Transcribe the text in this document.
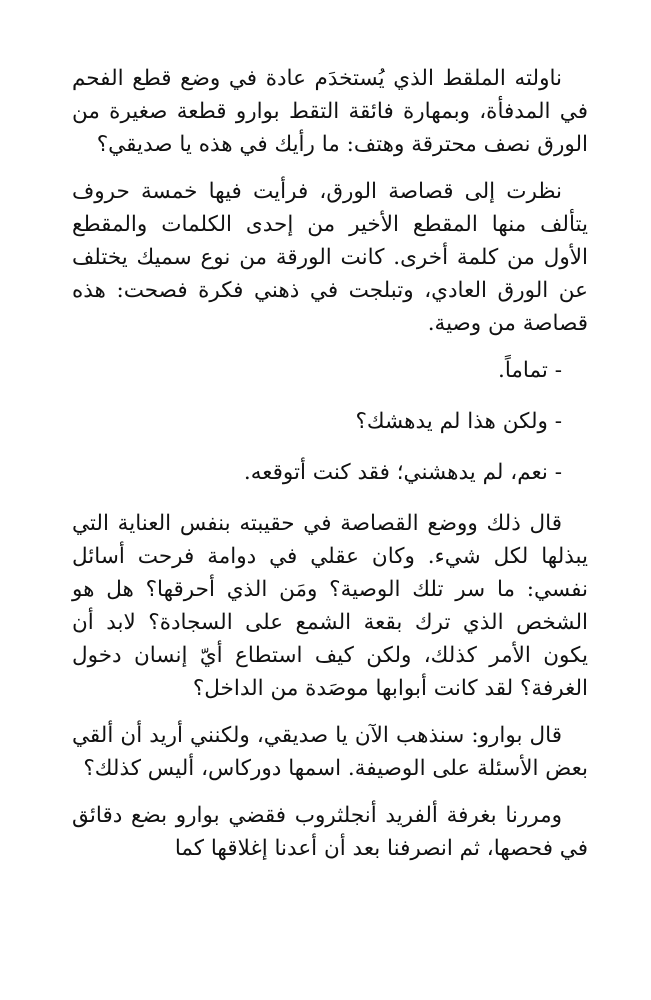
ناولته الملقط الذي يُستخدَم عادة في وضع قطع الفحم في المدفأة، وبمهارة فائقة التقط بوارو قطعة صغيرة من الورق نصف محترقة وهتف: ما رأيك في هذه يا صديقي؟

نظرت إلى قصاصة الورق، فرأيت فيها خمسة حروف يتألف منها المقطع الأخير من إحدى الكلمات والمقطع الأول من كلمة أخرى. كانت الورقة من نوع سميك يختلف عن الورق العادي، وتبلجت في ذهني فكرة فصحت: هذه قصاصة من وصية.

- تماماً.

- ولكن هذا لم يدهشك؟

- نعم، لم يدهشني؛ فقد كنت أتوقعه.

قال ذلك ووضع القصاصة في حقيبته بنفس العناية التي يبذلها لكل شيء. وكان عقلي في دوامة فرحت أسائل نفسي: ما سر تلك الوصية؟ ومَن الذي أحرقها؟ هل هو الشخص الذي ترك بقعة الشمع على السجادة؟ لابد أن يكون الأمر كذلك، ولكن كيف استطاع أيّ إنسان دخول الغرفة؟ لقد كانت أبوابها موصَدة من الداخل؟

قال بوارو: سنذهب الآن يا صديقي، ولكنني أريد أن ألقي بعض الأسئلة على الوصيفة. اسمها دوركاس، أليس كذلك؟

ومررنا بغرفة ألفريد أنجلثروب فقضي بوارو بضع دقائق في فحصها، ثم انصرفنا بعد أن أعدنا إغلاقها كما
